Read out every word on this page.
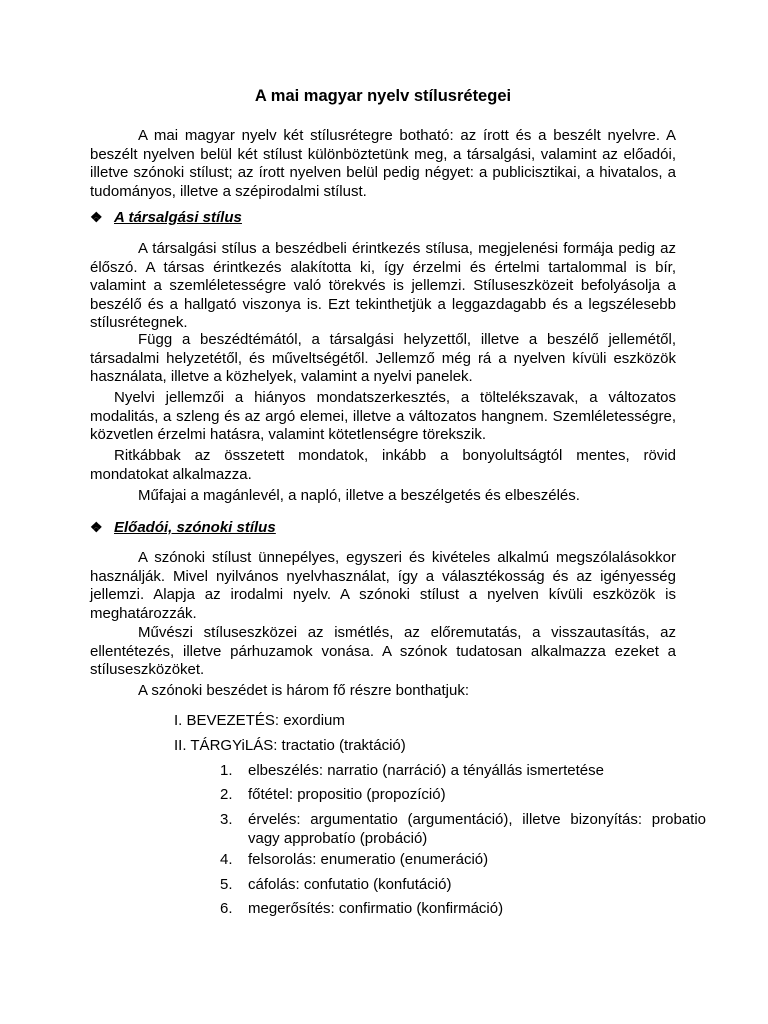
A mai magyar nyelv stílusrétegei

A mai magyar nyelv két stílusrétegre botható: az írott és a beszélt nyelvre. A beszélt nyelven belül két stílust különböztetünk meg, a társalgási, valamint az előadói, illetve szónoki stílust; az írott nyelven belül pedig négyet: a publicisztikai, a hivatalos, a tudományos, illetve a szépirodalmi stílust.

❖ A társalgási stílus

A társalgási stílus a beszédbeli érintkezés stílusa, megjelenési formája pedig az élőszó. A társas érintkezés alakította ki, így érzelmi és értelmi tartalommal is bír, valamint a szemléletességre való törekvés is jellemzi. Stíluseszközeit befolyásolja a beszélő és a hallgató viszonya is. Ezt tekinthetjük a leggazdagabb és a legszélesebb stílusrétegnek.

Függ a beszédtémától, a társalgási helyzettől, illetve a beszélő jellemétől, társadalmi helyzetétől, és műveltségétől. Jellemző még rá a nyelven kívüli eszközök használata, illetve a közhelyek, valamint a nyelvi panelek.

Nyelvi jellemzői a hiányos mondatszerkesztés, a töltelékszavak, a változatos modalitás, a szleng és az argó elemei, illetve a változatos hangnem. Szemléletességre, közvetlen érzelmi hatásra, valamint kötetlenségre törekszik.

Ritkábbak az összetett mondatok, inkább a bonyolultságtól mentes, rövid mondatokat alkalmazza.

Műfajai a magánlevél, a napló, illetve a beszélgetés és elbeszélés.

❖ Előadói, szónoki stílus

A szónoki stílust ünnepélyes, egyszeri és kivételes alkalmú megszólalásokkor használják. Mivel nyilvános nyelvhasználat, így a választékosság és az igényesség jellemzi. Alapja az irodalmi nyelv. A szónoki stílust a nyelven kívüli eszközök is meghatározzák.

Művészi stíluseszközei az ismétlés, az előremutatás, a visszautasítás, az ellentétezés, illetve párhuzamok vonása. A szónok tudatosan alkalmazza ezeket a stíluseszközöket.

A szónoki beszédet is három fő részre bonthatjuk:

I. BEVEZETÉS: exordium
II. TÁRGYiLÁS: tractatio (traktáció)
1.	elbeszélés: narratio (narráció) a tényállás ismertetése
2.	főtétel: propositio (propozíció)
3.	érvelés: argumentatio (argumentáció), illetve bizonyítás: probatio vagy approbatío (probáció)
4.	felsorolás: enumeratio (enumeráció)
5.	cáfolás: confutatio (konfutáció)
6.	megerősítés: confirmatio (konfirmáció)
